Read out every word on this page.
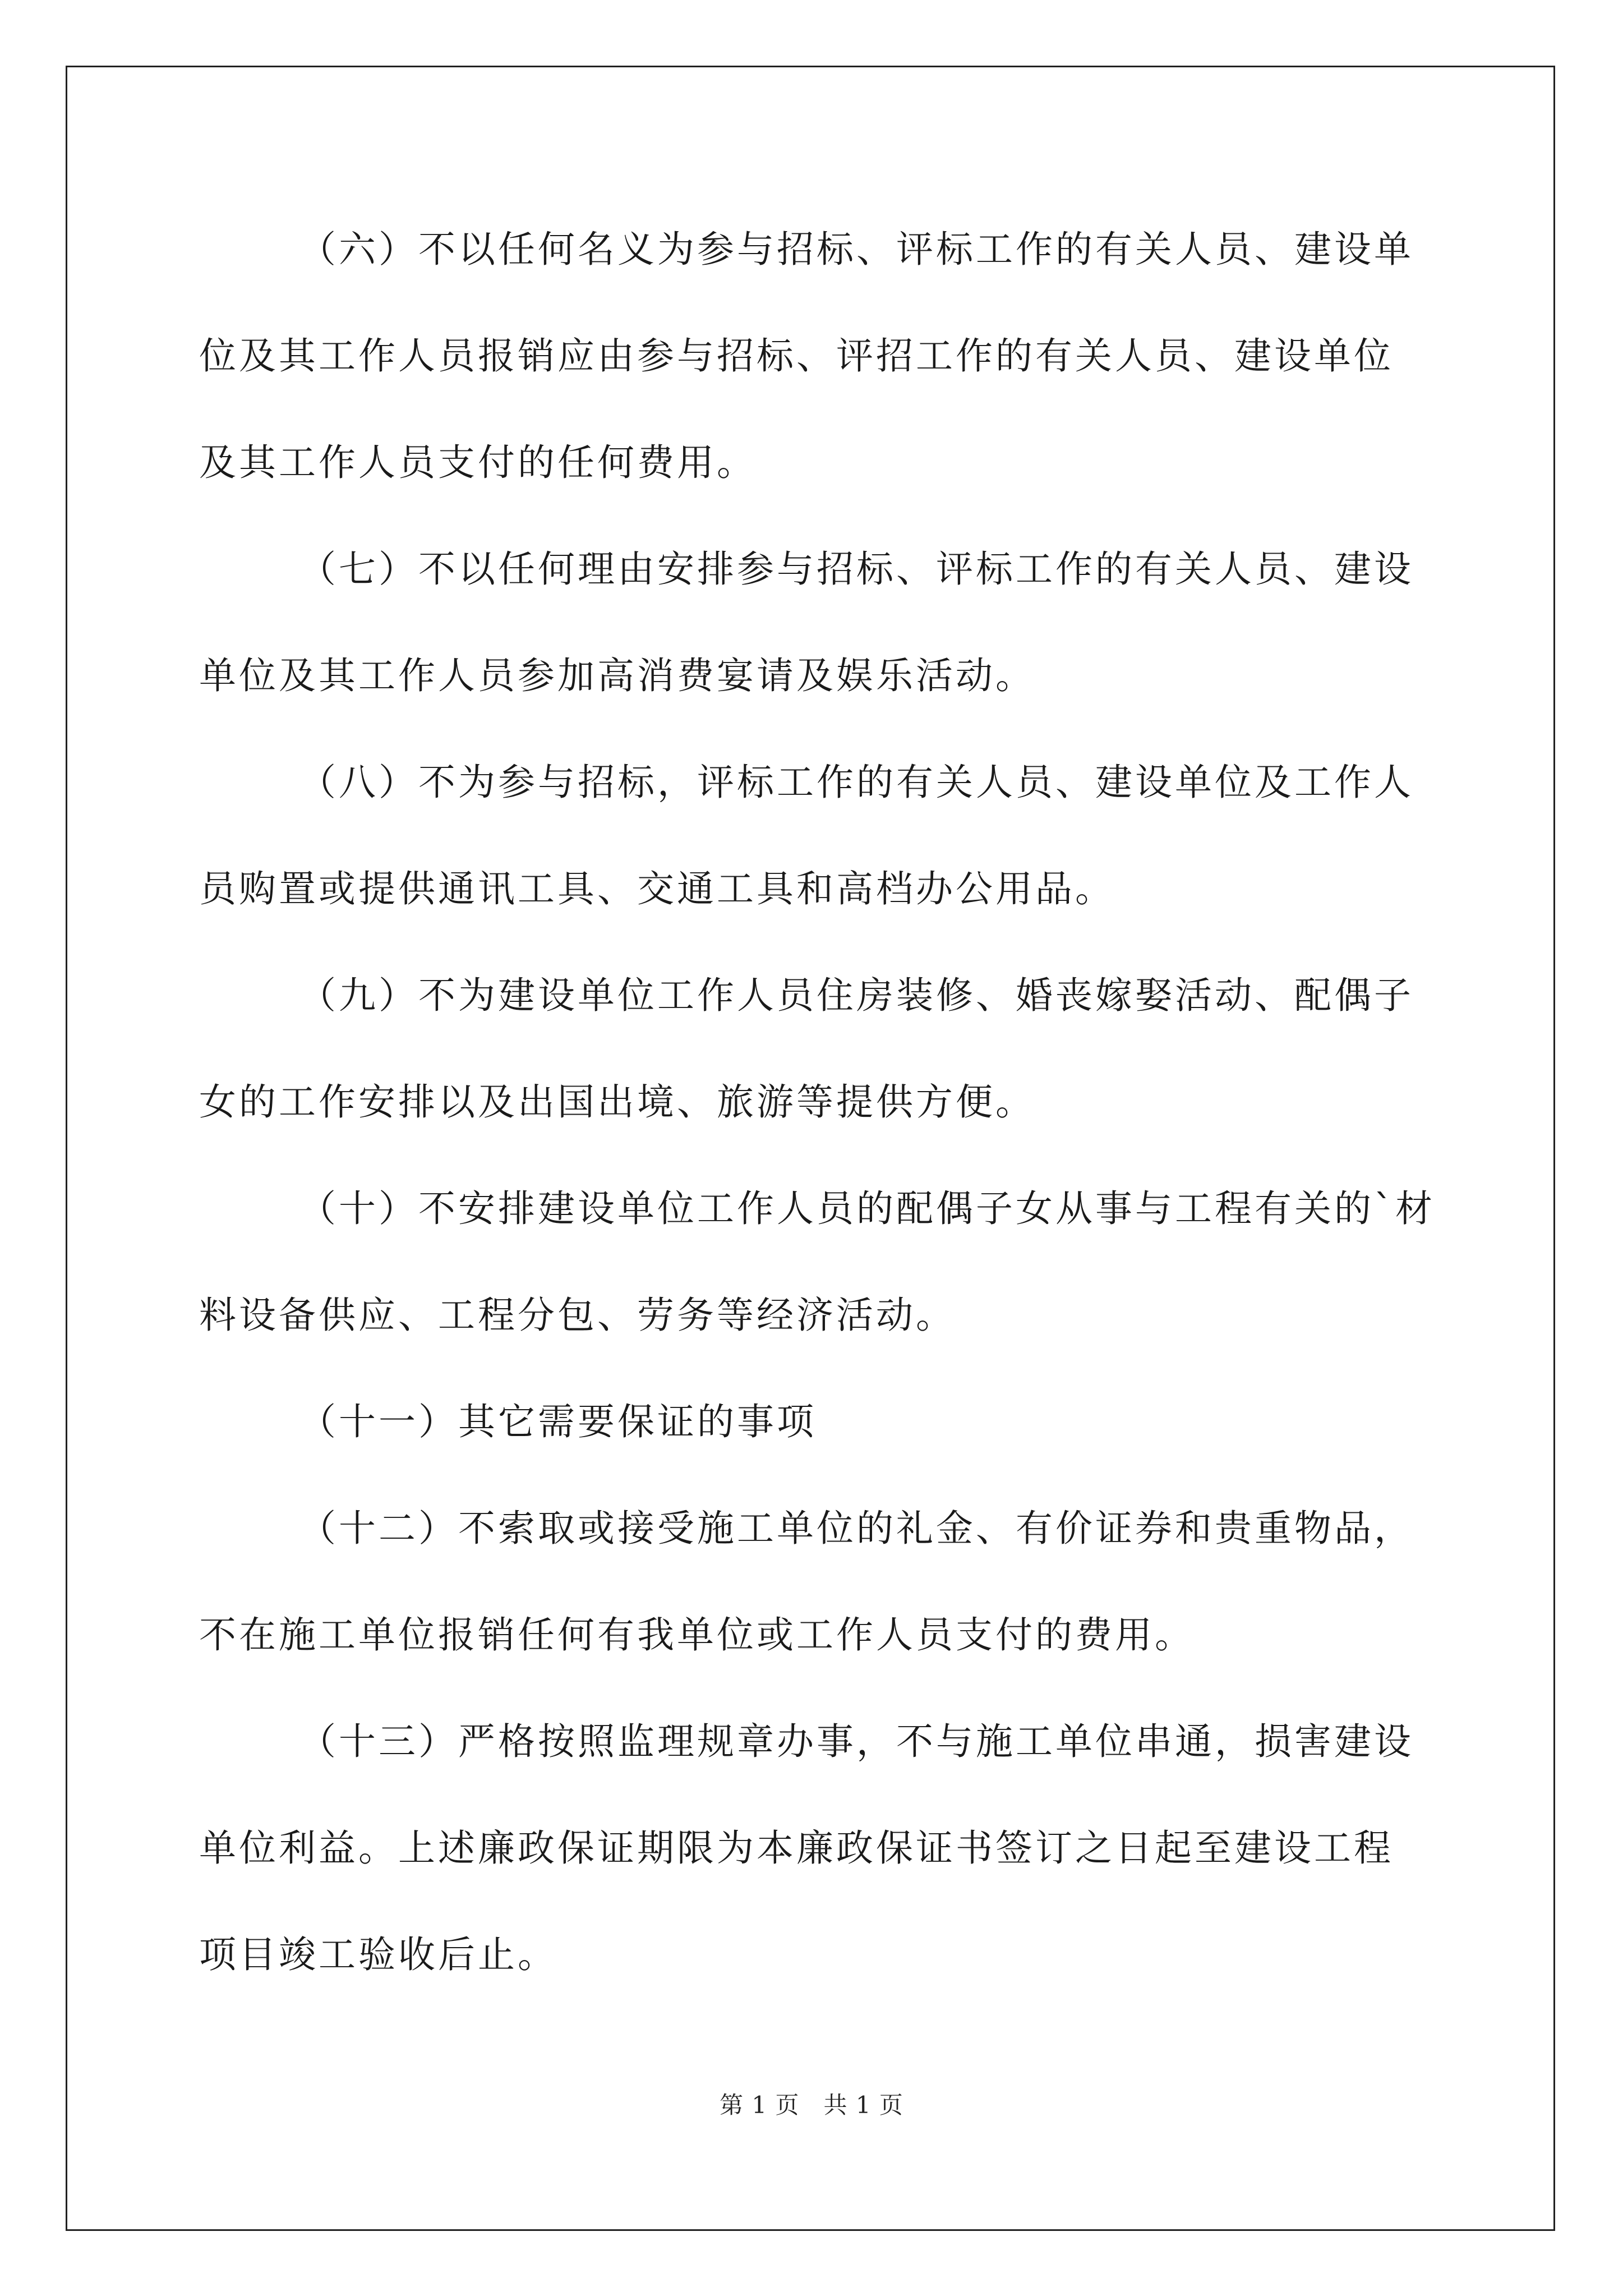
（六）不以任何名义为参与招标、评标工作的有关人员、建设单
位及其工作人员报销应由参与招标、评招工作的有关人员、建设单位
及其工作人员支付的任何费用。

（七）不以任何理由安排参与招标、评标工作的有关人员、建设
单位及其工作人员参加高消费宴请及娱乐活动。

（八）不为参与招标，评标工作的有关人员、建设单位及工作人
员购置或提供通讯工具、交通工具和高档办公用品。

（九）不为建设单位工作人员住房装修、婚丧嫁娶活动、配偶子
女的工作安排以及出国出境、旅游等提供方便。

（十）不安排建设单位工作人员的配偶子女从事与工程有关的`材
料设备供应、工程分包、劳务等经济活动。

（十一）其它需要保证的事项

（十二）不索取或接受施工单位的礼金、有价证券和贵重物品，
不在施工单位报销任何有我单位或工作人员支付的费用。

（十三）严格按照监理规章办事，不与施工单位串通，损害建设
单位利益。上述廉政保证期限为本廉政保证书签订之日起至建设工程
项目竣工验收后止。

第 1 页　共 1 页
